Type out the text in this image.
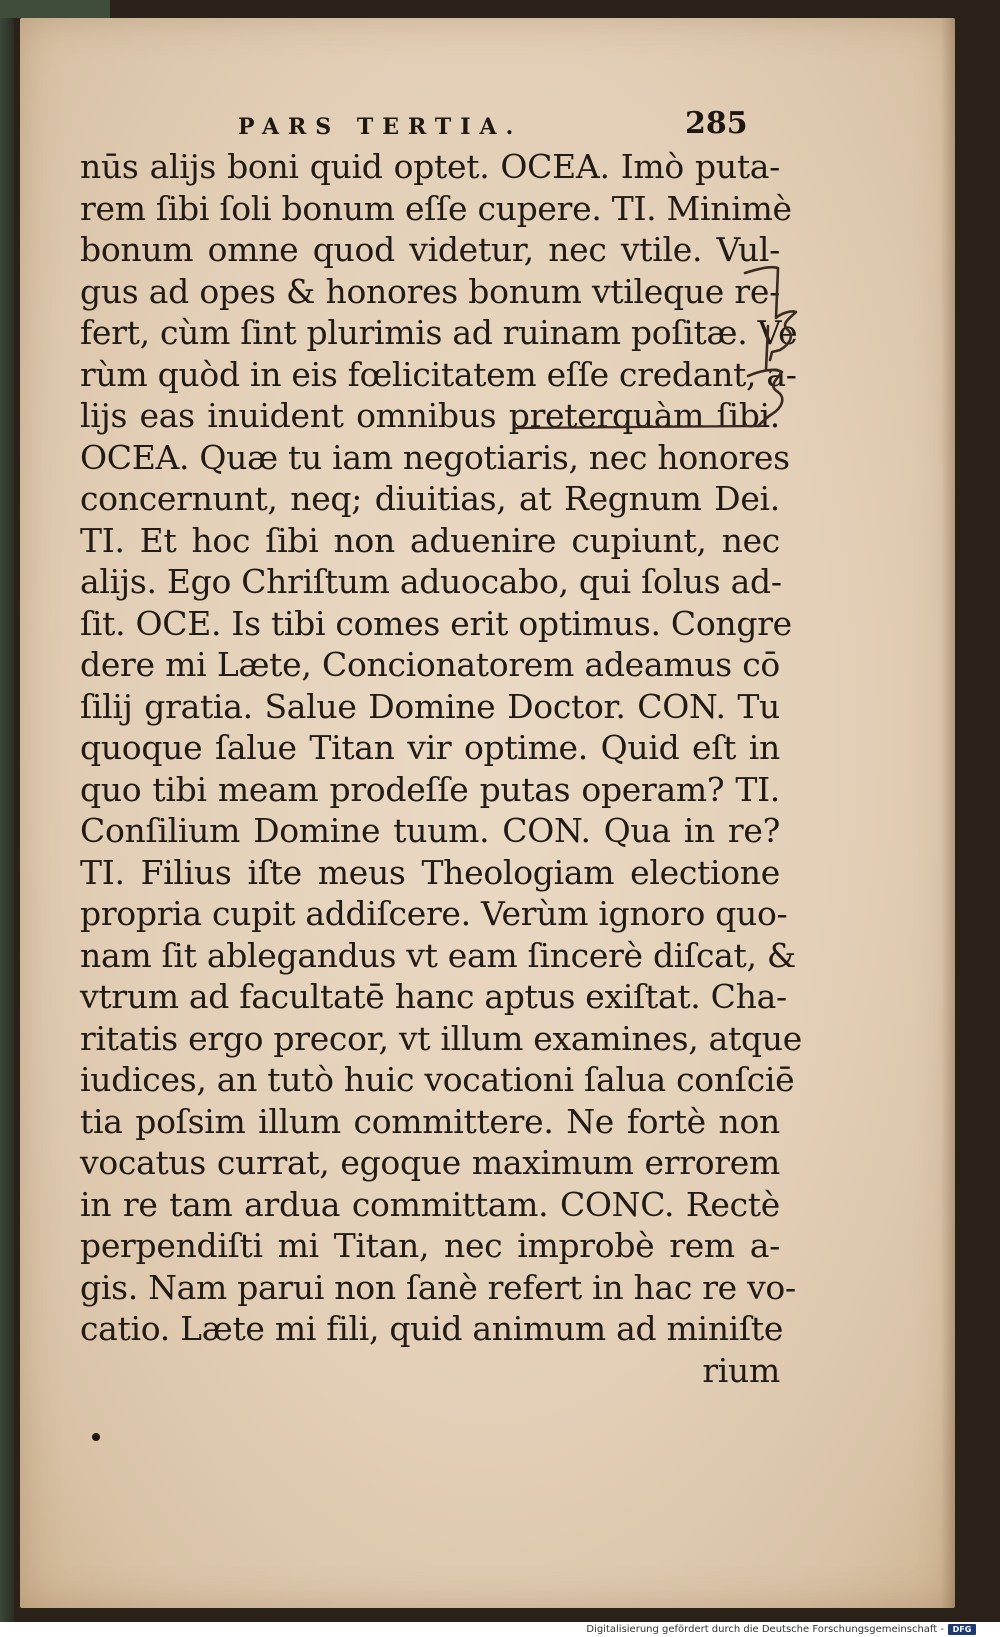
PARS TERTIA.	285
nūs alijs boni quid optet. OCEA. Imò puta-
rem ſibi ſoli bonum eſſe cupere. TI. Minimè
bonum omne quod videtur, nec vtile. Vul-
gus ad opes & honores bonum vtileque re-
fert, cùm ſint plurimis ad ruinam poſitæ. Ve
rùm quòd in eis fœlicitatem eſſe credant, a-
lijs eas inuident omnibus preterquàm ſibi.
OCEA. Quæ tu iam negotiaris, nec honores
concernunt, neq; diuitias, at Regnum Dei.
TI. Et hoc ſibi non aduenire cupiunt, nec
alijs. Ego Chriſtum aduocabo, qui ſolus ad-
ſit. OCE. Is tibi comes erit optimus. Congre
dere mi Læte, Concionatorem adeamus cō
ſilij gratia. Salue Domine Doctor. CON. Tu
quoque ſalue Titan vir optime. Quid eſt in
quo tibi meam prodeſſe putas operam? TI.
Conſilium Domine tuum. CON. Qua in re?
TI. Filius iſte meus Theologiam electione
propria cupit addiſcere. Verùm ignoro quo-
nam ſit ablegandus vt eam ſincerè diſcat, &
vtrum ad facultatē hanc aptus exiſtat. Cha-
ritatis ergo precor, vt illum examines, atque
iudices, an tutò huic vocationi ſalua conſciē
tia poſsim illum committere. Ne fortè non
vocatus currat, egoque maximum errorem
in re tam ardua committam. CONC. Rectè
perpendiſti mi Titan, nec improbè rem a-
gis. Nam parui non ſanè refert in hac re vo-
catio. Læte mi fili, quid animum ad miniſte
rium
Digitalisierung gefördert durch die Deutsche Forschungsgemeinschaft -	DFG
